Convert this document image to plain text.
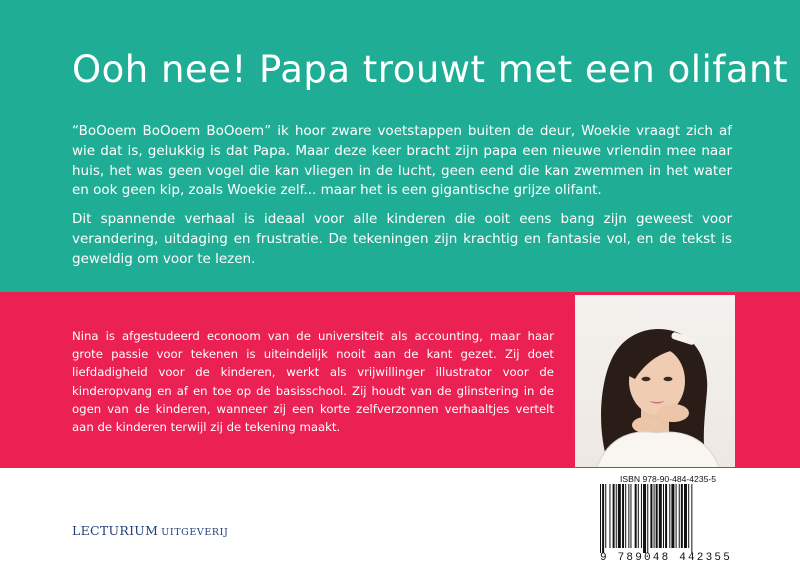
Ooh nee! Papa trouwt met een olifant

“BoOoem BoOoem BoOoem” ik hoor zware voetstappen buiten de deur, Woekie vraagt zich af wie dat is, gelukkig is dat Papa. Maar deze keer bracht zijn papa een nieuwe vriendin mee naar huis, het was geen vogel die kan vliegen in de lucht, geen eend die kan zwemmen in het water en ook geen kip, zoals Woekie zelf... maar het is een gigantische grijze olifant.

Dit spannende verhaal is ideaal voor alle kinderen die ooit eens bang zijn geweest voor verandering, uitdaging en frustratie. De tekeningen zijn krachtig en fantasie vol, en de tekst is geweldig om voor te lezen.

Nina is afgestudeerd econoom van de universiteit als accounting, maar haar grote passie voor tekenen is uiteindelijk nooit aan de kant gezet. Zij doet liefdadigheid voor de kinderen, werkt als vrijwillinger illustrator voor de kinderopvang en af en toe op de basisschool. Zij houdt van de glinstering in de ogen van de kinderen, wanneer zij een korte zelfverzonnen verhaaltjes vertelt aan de kinderen terwijl zij de tekening maakt.

LECTURIUM UITGEVERIJ
ISBN 978-90-484-4235-5
9 789048 442355
